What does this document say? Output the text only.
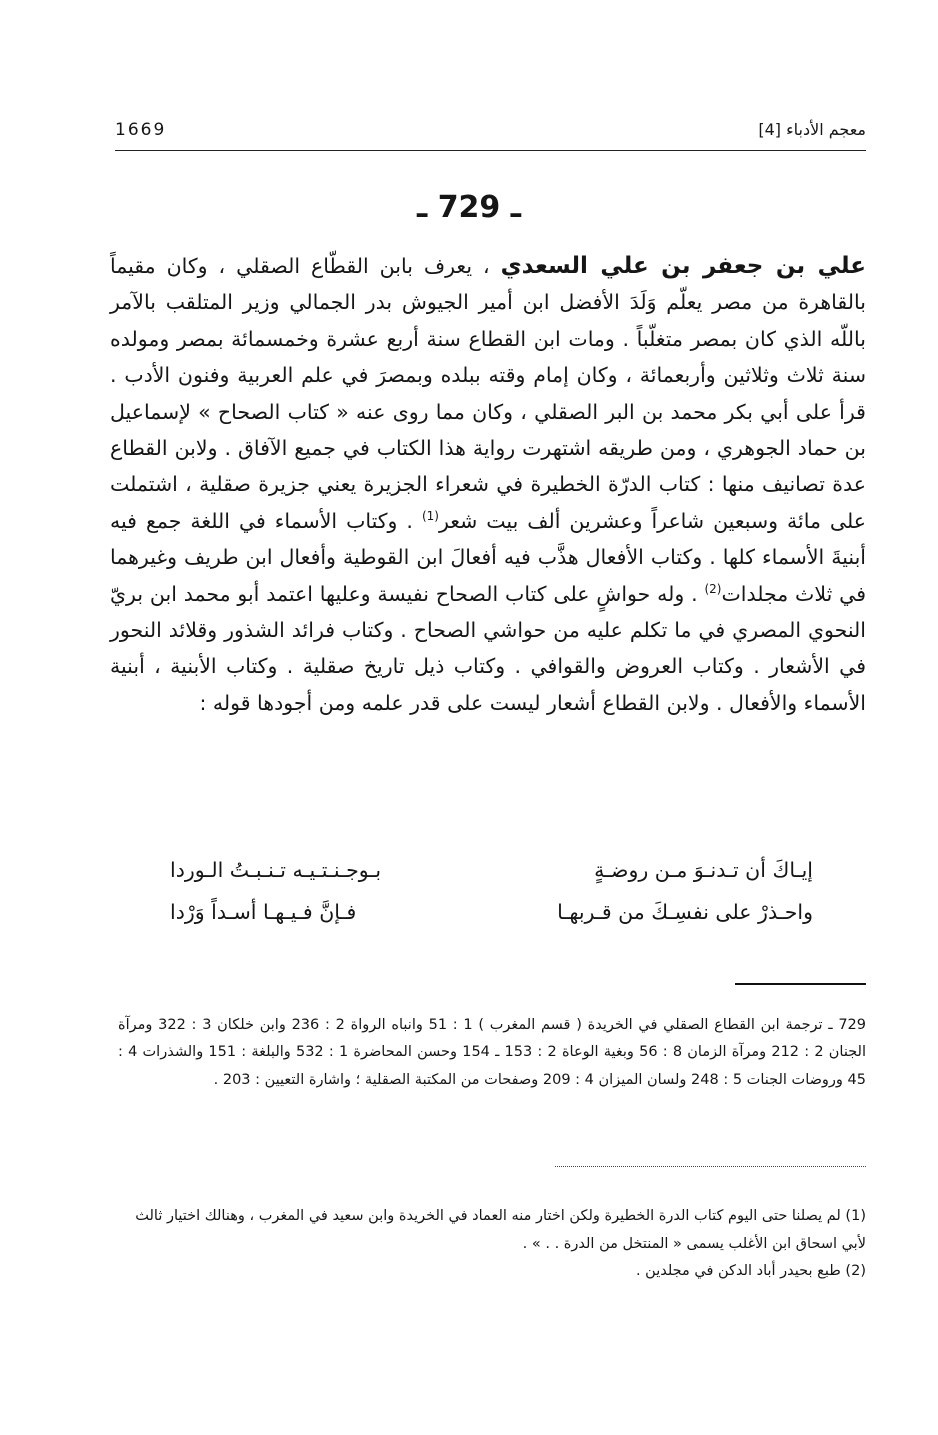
1669	معجم الأدباء [4]
ـ 729 ـ

علي بن جعفر بن علي السعدي ، يعرف بابن القطّاع الصقلي ، وكان مقيماً بالقاهرة من مصر يعلّم وَلَدَ الأفضل ابن أمير الجيوش بدر الجمالي وزير المتلقب بالآمر باللّه الذي كان بمصر متغلّباً . ومات ابن القطاع سنة أربع عشرة وخمسمائة بمصر ومولده سنة ثلاث وثلاثين وأربعمائة ، وكان إمام وقته ببلده وبمصرَ في علم العربية وفنون الأدب . قرأ على أبي بكر محمد بن البر الصقلي ، وكان مما روى عنه « كتاب الصحاح » لإسماعيل بن حماد الجوهري ، ومن طريقه اشتهرت رواية هذا الكتاب في جميع الآفاق . ولابن القطاع عدة تصانيف منها : كتاب الدرّة الخطيرة في شعراء الجزيرة يعني جزيرة صقلية ، اشتملت على مائة وسبعين شاعراً وعشرين ألف بيت شعر$^{(1)}$ . وكتاب الأسماء في اللغة جمع فيه أبنيةَ الأسماء كلها . وكتاب الأفعال هذَّب فيه أفعالَ ابن القوطية وأفعال ابن طريف وغيرهما في ثلاث مجلدات$^{(2)}$ . وله حواشٍ على كتاب الصحاح نفيسة وعليها اعتمد أبو محمد ابن بريّ النحوي المصري في ما تكلم عليه من حواشي الصحاح . وكتاب فرائد الشذور وقلائد النحور في الأشعار . وكتاب العروض والقوافي . وكتاب ذيل تاريخ صقلية . وكتاب الأبنية ، أبنية الأسماء والأفعال . ولابن القطاع أشعار ليست على قدر علمه ومن أجودها قوله :

إيـاكَ أن تـدنـوَ مـن روضـةٍ
بـوجـنـتـيـه تـنـبـتُ الـوردا
واحـذرْ على نفسِـكَ من قـربهـا
فـإنَّ فـيـهـا أسـداً وَرْدا

729 ـ ترجمة ابن القطاع الصقلي في الخريدة ( قسم المغرب ) 1 : 51 وانباه الرواة 2 : 236 وابن خلكان 3 : 322 ومرآة الجنان 2 : 212 ومرآة الزمان 8 : 56 وبغية الوعاة 2 : 153 ـ 154 وحسن المحاضرة 1 : 532 والبلغة : 151 والشذرات 4 : 45 وروضات الجنات 5 : 248 ولسان الميزان 4 : 209 وصفحات من المكتبة الصقلية ؛ واشارة التعيين : 203 .

(1) لم يصلنا حتى اليوم كتاب الدرة الخطيرة ولكن اختار منه العماد في الخريدة وابن سعيد في المغرب ، وهنالك اختيار ثالث لأبي اسحاق ابن الأغلب يسمى « المنتخل من الدرة . . » .

(2) طبع بحيدر أباد الدكن في مجلدين .
